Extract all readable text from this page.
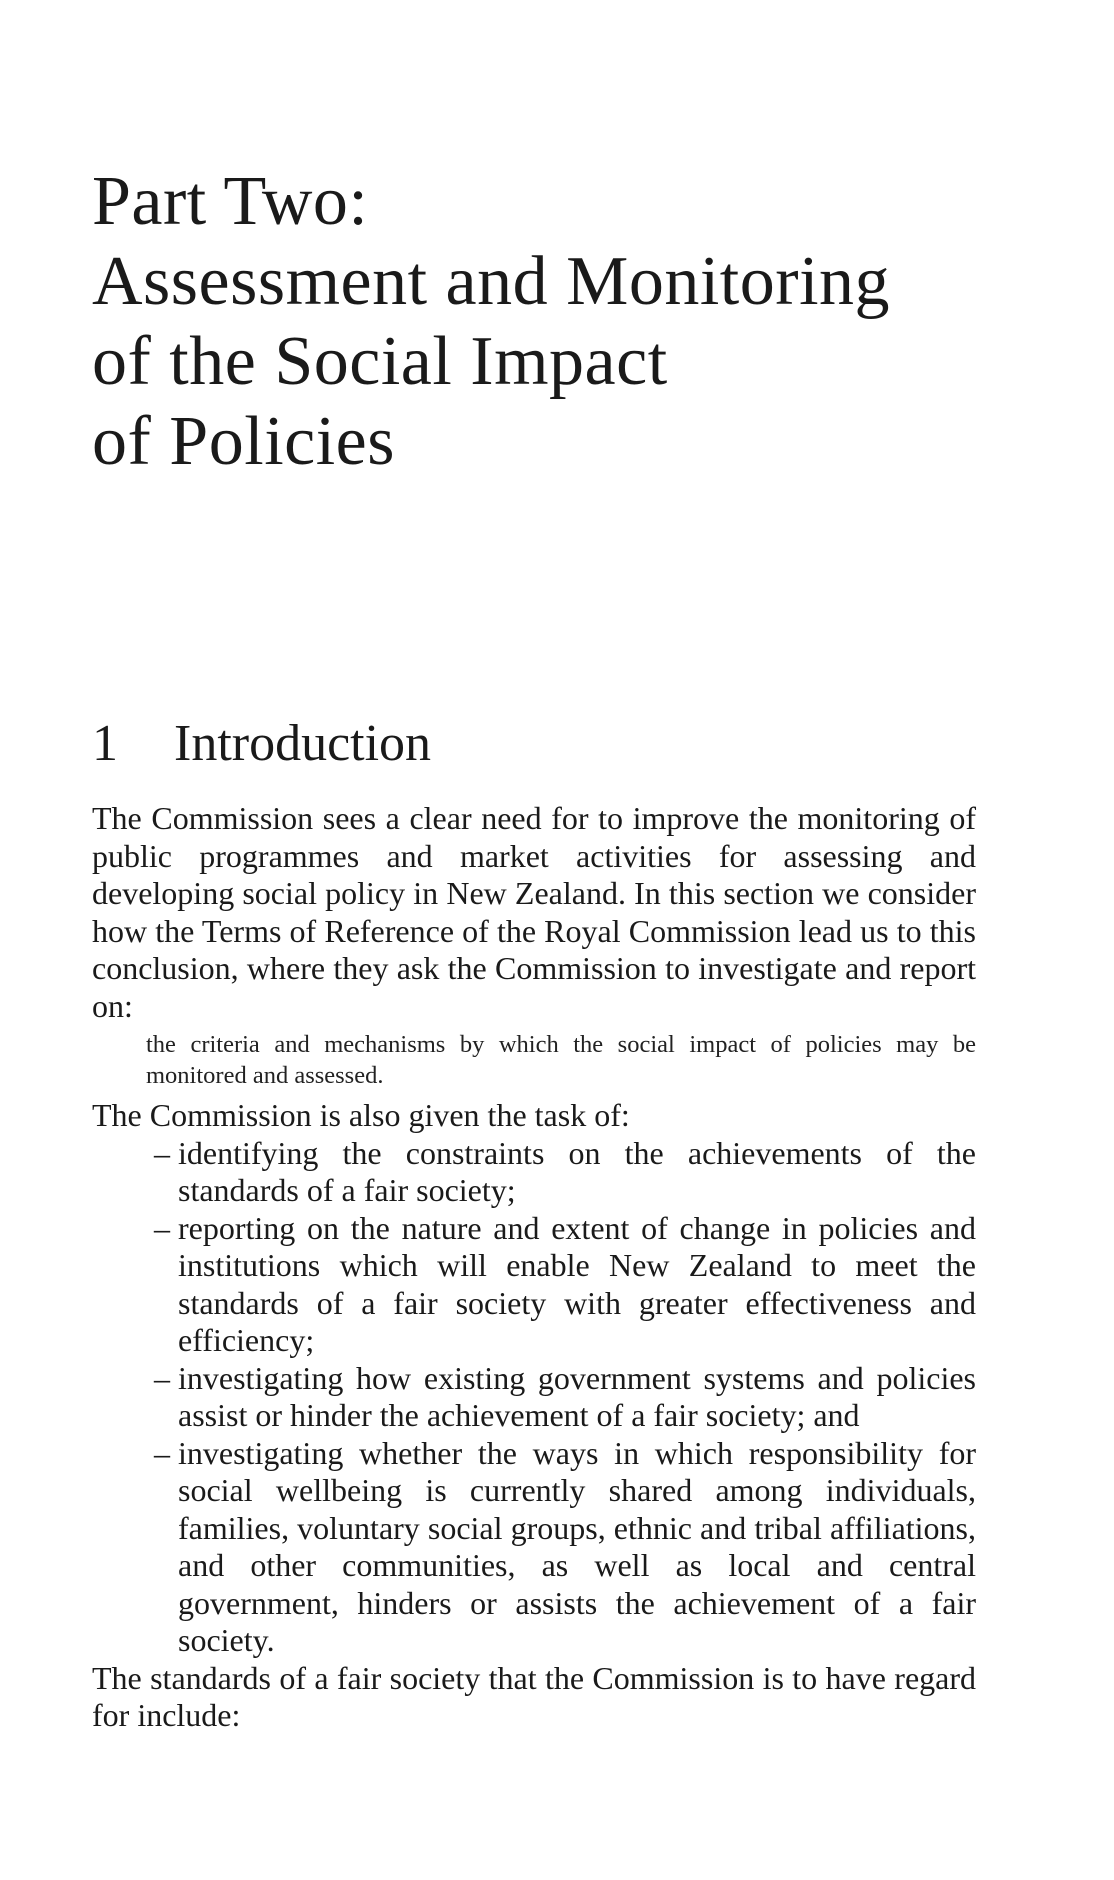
Part Two:
Assessment and Monitoring
of the Social Impact
of Policies
1 Introduction

The Commission sees a clear need for to improve the monitoring of public programmes and market activities for assessing and developing social policy in New Zealand. In this section we consider how the Terms of Reference of the Royal Commission lead us to this conclusion, where they ask the Commission to investigate and report on:

the criteria and mechanisms by which the social impact of policies may be monitored and assessed.

The Commission is also given the task of:

– identifying the constraints on the achievements of the standards of a fair society;
– reporting on the nature and extent of change in policies and institutions which will enable New Zealand to meet the standards of a fair society with greater effectiveness and efficiency;
– investigating how existing government systems and policies assist or hinder the achievement of a fair society; and
– investigating whether the ways in which responsibility for social wellbeing is currently shared among individuals, families, voluntary social groups, ethnic and tribal affiliations, and other communities, as well as local and central government, hinders or assists the achievement of a fair society.

The standards of a fair society that the Commission is to have regard for include:
